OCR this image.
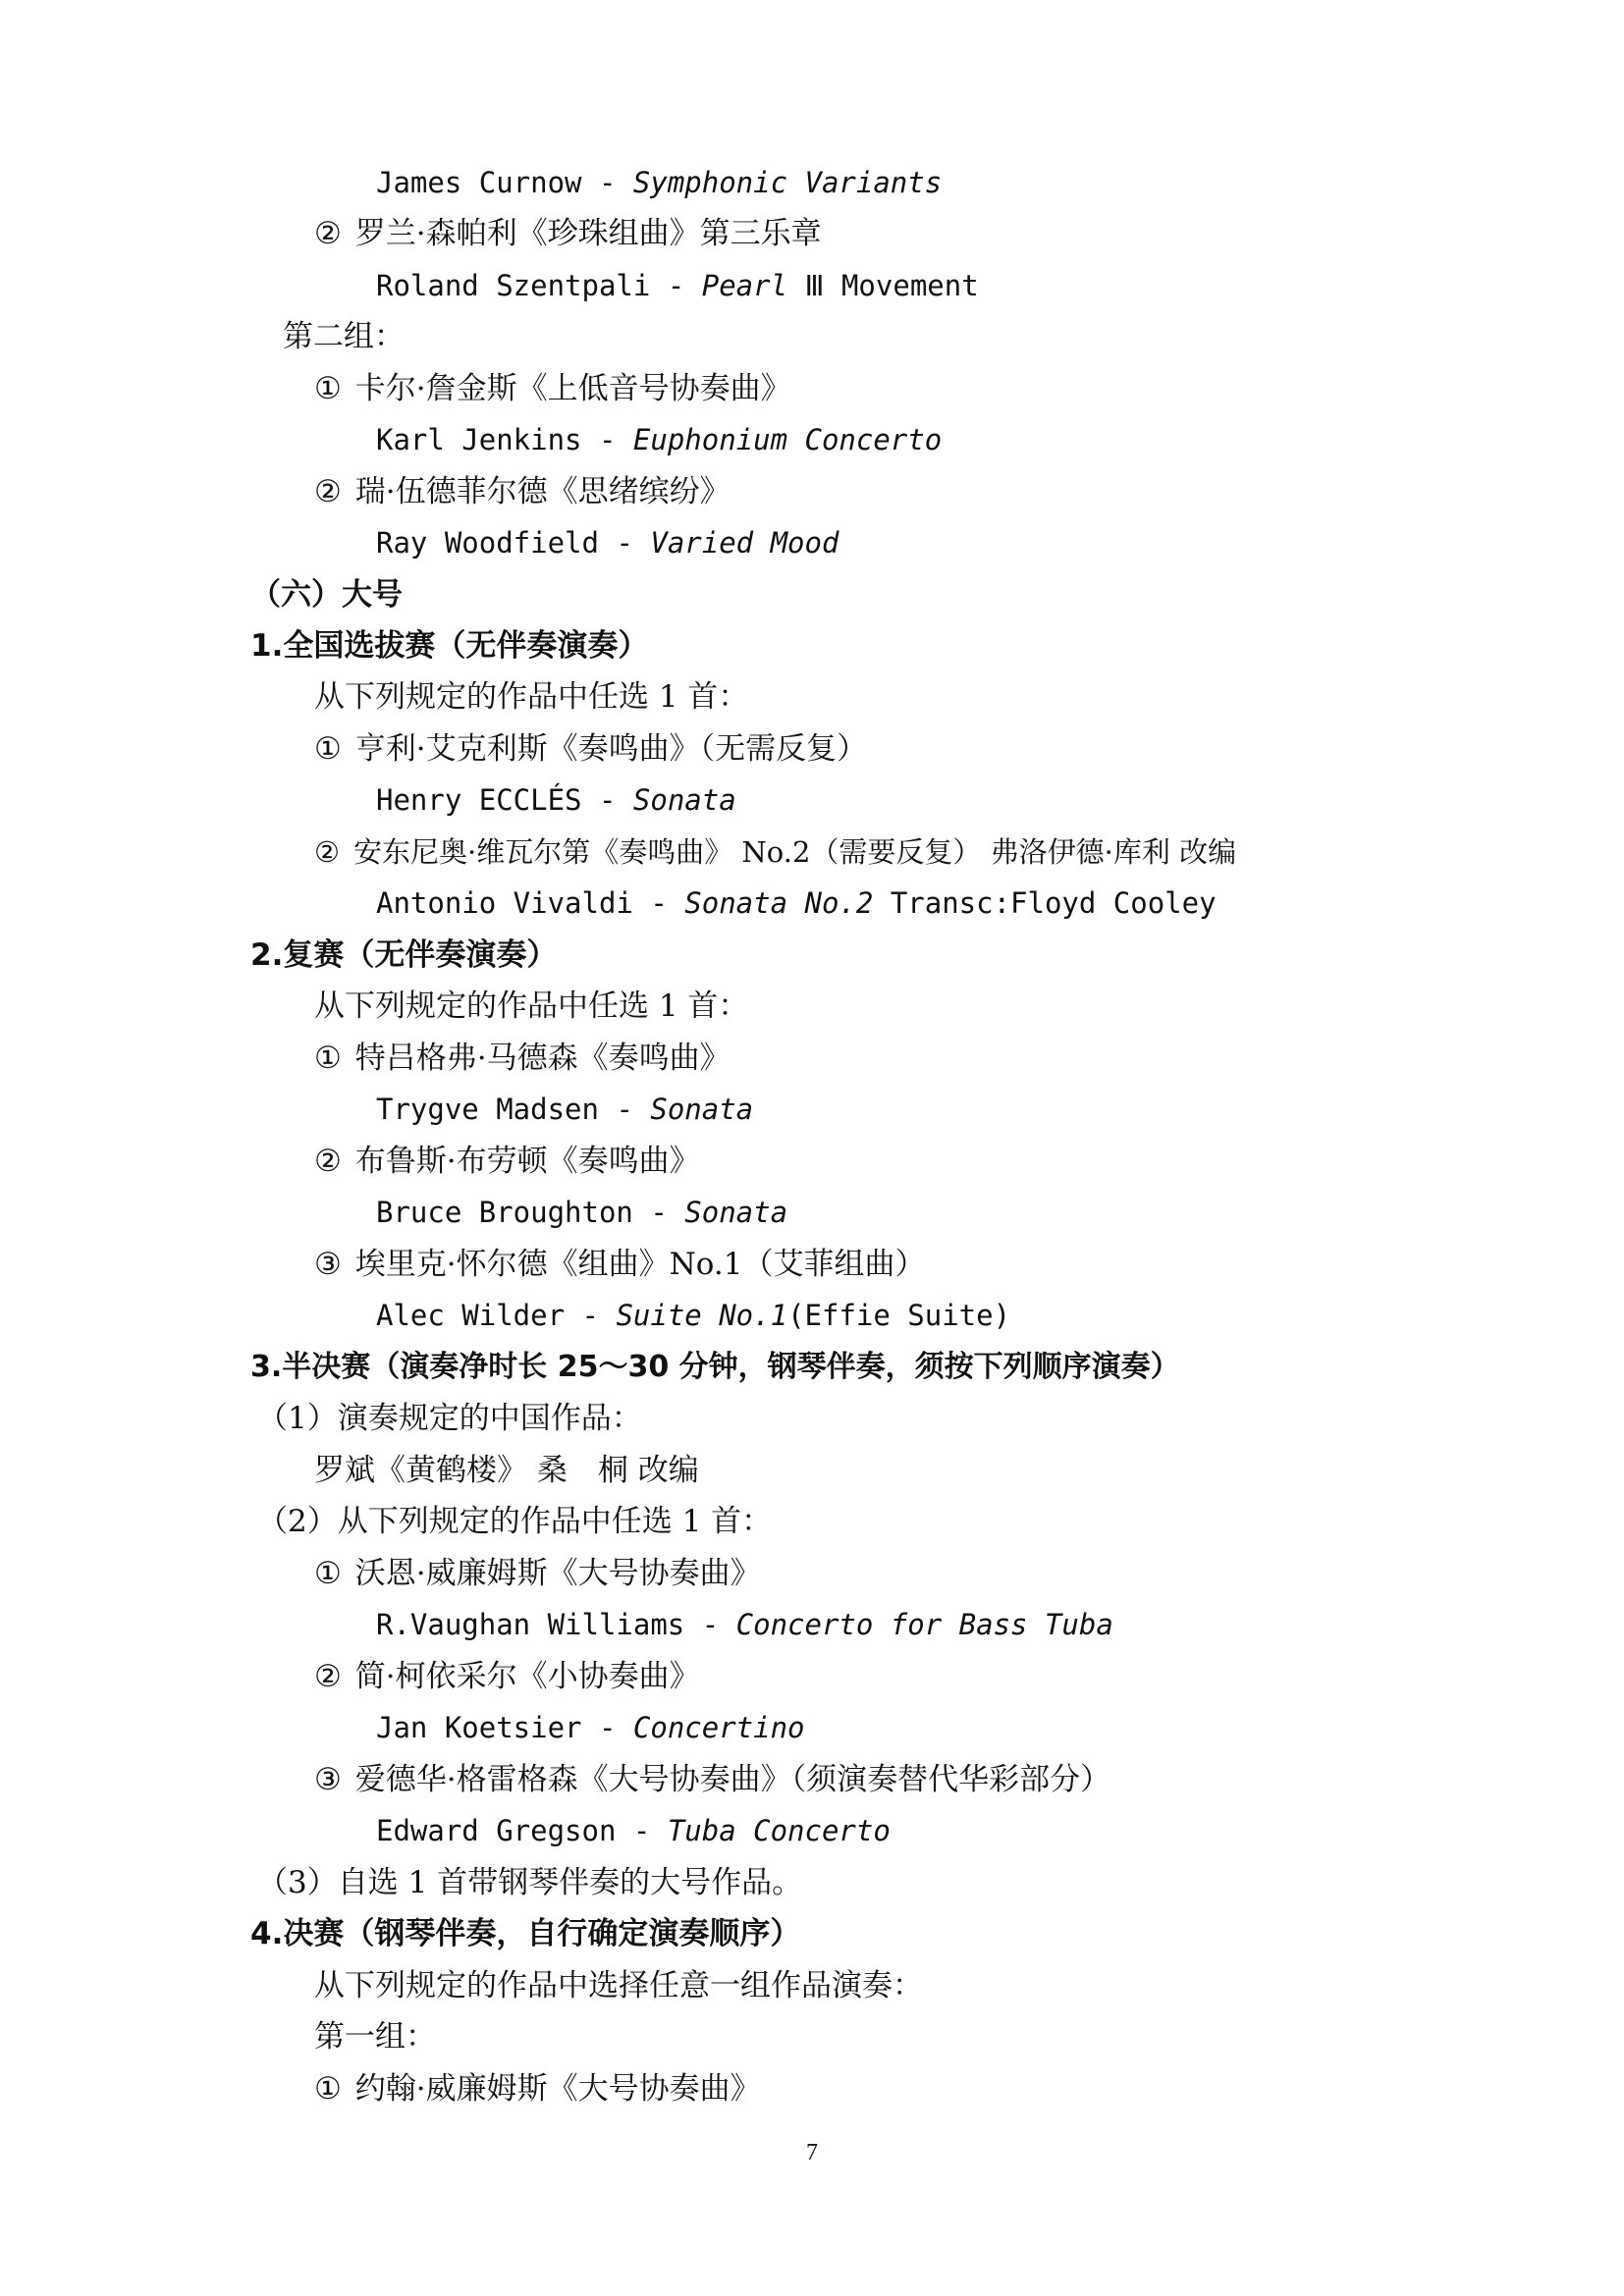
James Curnow - Symphonic Variants
② 罗兰·森帕利《珍珠组曲》第三乐章
Roland Szentpali - Pearl Ⅲ Movement
第二组：
① 卡尔·詹金斯《上低音号协奏曲》
Karl Jenkins - Euphonium Concerto
② 瑞·伍德菲尔德《思绪缤纷》
Ray Woodfield - Varied Mood
（六）大号
1.全国选拔赛（无伴奏演奏）
从下列规定的作品中任选 1 首：
① 亨利·艾克利斯《奏鸣曲》（无需反复）
Henry ECCLÉS - Sonata
② 安东尼奥·维瓦尔第《奏鸣曲》 No.2（需要反复） 弗洛伊德·库利 改编
Antonio Vivaldi - Sonata No.2 Transc:Floyd Cooley
2.复赛（无伴奏演奏）
从下列规定的作品中任选 1 首：
① 特吕格弗·马德森《奏鸣曲》
Trygve Madsen - Sonata
② 布鲁斯·布劳顿《奏鸣曲》
Bruce Broughton - Sonata
③ 埃里克·怀尔德《组曲》No.1（艾菲组曲）
Alec Wilder - Suite No.1(Effie Suite)
3.半决赛（演奏净时长 25～30 分钟，钢琴伴奏，须按下列顺序演奏）
（1）演奏规定的中国作品：
罗斌《黄鹤楼》 桑　桐 改编
（2）从下列规定的作品中任选 1 首：
① 沃恩·威廉姆斯《大号协奏曲》
R.Vaughan Williams - Concerto for Bass Tuba
② 简·柯依采尔《小协奏曲》
Jan Koetsier - Concertino
③ 爱德华·格雷格森《大号协奏曲》（须演奏替代华彩部分）
Edward Gregson - Tuba Concerto
（3）自选 1 首带钢琴伴奏的大号作品。
4.决赛（钢琴伴奏，自行确定演奏顺序）
从下列规定的作品中选择任意一组作品演奏：
第一组：
① 约翰·威廉姆斯《大号协奏曲》
7
